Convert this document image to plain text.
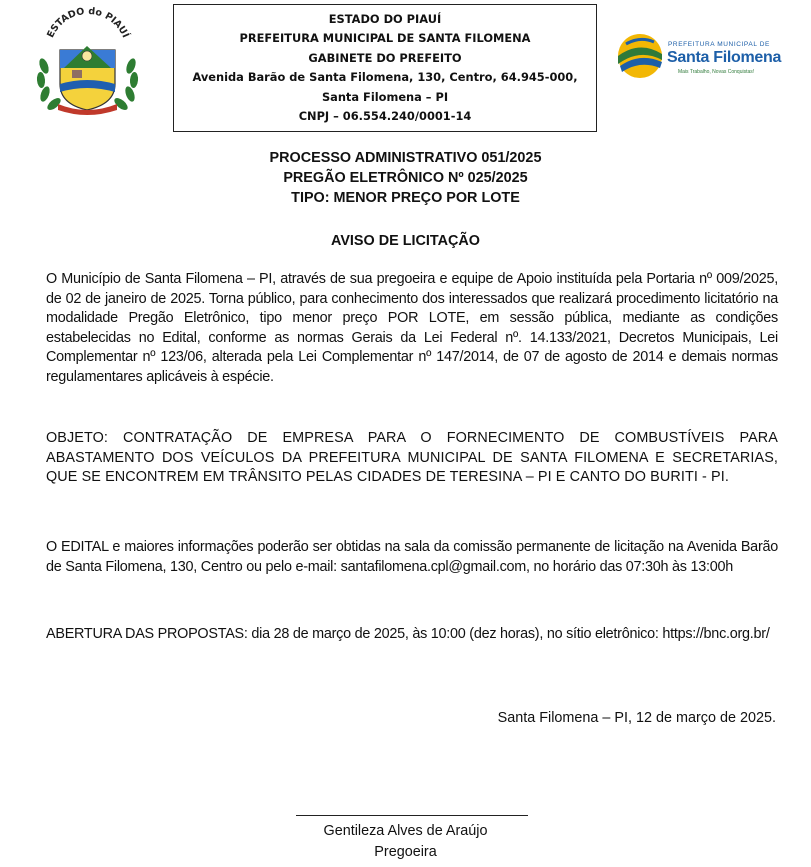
ESTADO do PIAUÍ
ESTADO DO PIAUÍ
PREFEITURA MUNICIPAL DE SANTA FILOMENA
GABINETE DO PREFEITO
Avenida Barão de Santa Filomena, 130, Centro, 64.945-000,
Santa Filomena – PI
CNPJ – 06.554.240/0001-14
PREFEITURA MUNICIPAL DE
Santa Filomena
Mais Trabalho, Novas Conquistas!
PROCESSO ADMINISTRATIVO 051/2025
PREGÃO ELETRÔNICO Nº 025/2025
TIPO: MENOR PREÇO POR LOTE
AVISO DE LICITAÇÃO
O Município de Santa Filomena – PI, através de sua pregoeira e equipe de Apoio instituída pela Portaria nº 009/2025, de 02 de janeiro de 2025. Torna público, para conhecimento dos interessados que realizará procedimento licitatório na modalidade Pregão Eletrônico, tipo menor preço POR LOTE, em sessão pública, mediante as condições estabelecidas no Edital, conforme as normas Gerais da Lei Federal nº. 14.133/2021, Decretos Municipais, Lei Complementar nº 123/06, alterada pela Lei Complementar nº 147/2014, de 07 de agosto de 2014 e demais normas regulamentares aplicáveis à espécie.
OBJETO: CONTRATAÇÃO DE EMPRESA PARA O FORNECIMENTO DE COMBUSTÍVEIS PARA ABASTAMENTO DOS VEÍCULOS DA PREFEITURA MUNICIPAL DE SANTA FILOMENA E SECRETARIAS, QUE SE ENCONTREM EM TRÂNSITO PELAS CIDADES DE TERESINA – PI E CANTO DO BURITI - PI.
O EDITAL e maiores informações poderão ser obtidas na sala da comissão permanente de licitação na Avenida Barão de Santa Filomena, 130, Centro ou pelo e-mail: santafilomena.cpl@gmail.com, no horário das 07:30h às 13:00h
ABERTURA DAS PROPOSTAS: dia 28 de março de 2025, às 10:00 (dez horas), no sítio eletrônico: https://bnc.org.br/
Santa Filomena – PI, 12 de março de 2025.
Gentileza Alves de Araújo
Pregoeira
